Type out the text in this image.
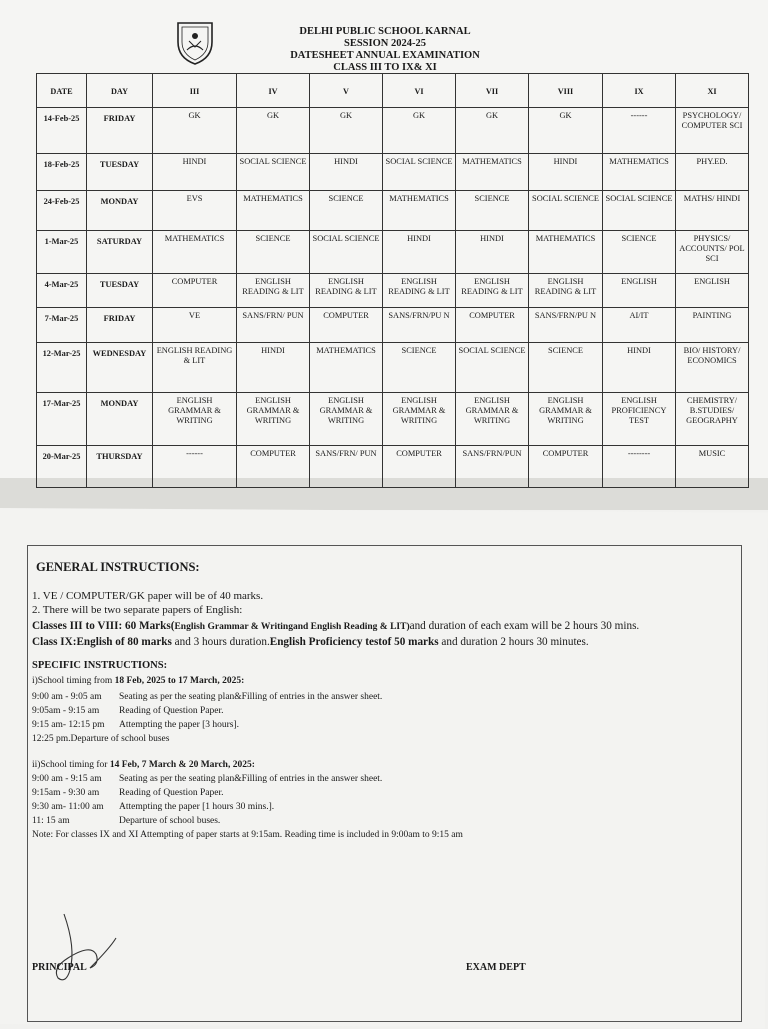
DELHI PUBLIC SCHOOL KARNAL
SESSION 2024-25
DATESHEET ANNUAL EXAMINATION
CLASS III TO IX& XI
DATE	DAY	III	IV	V	VI	VII	VIII	IX	XI
14-Feb-25	FRIDAY	GK	GK	GK	GK	GK	GK	------	PSYCHOLOGY/ COMPUTER SCI
18-Feb-25	TUESDAY	HINDI	SOCIAL SCIENCE	HINDI	SOCIAL SCIENCE	MATHEMATICS	HINDI	MATHEMATICS	PHY.ED.
24-Feb-25	MONDAY	EVS	MATHEMATICS	SCIENCE	MATHEMATICS	SCIENCE	SOCIAL SCIENCE	SOCIAL SCIENCE	MATHS/ HINDI
1-Mar-25	SATURDAY	MATHEMATICS	SCIENCE	SOCIAL SCIENCE	HINDI	HINDI	MATHEMATICS	SCIENCE	PHYSICS/ ACCOUNTS/ POL SCI
4-Mar-25	TUESDAY	COMPUTER	ENGLISH READING & LIT	ENGLISH READING & LIT	ENGLISH READING & LIT	ENGLISH READING & LIT	ENGLISH READING & LIT	ENGLISH	ENGLISH
7-Mar-25	FRIDAY	VE	SANS/FRN/ PUN	COMPUTER	SANS/FRN/PU N	COMPUTER	SANS/FRN/PU N	AI/IT	PAINTING
12-Mar-25	WEDNESDAY	ENGLISH READING & LIT	HINDI	MATHEMATICS	SCIENCE	SOCIAL SCIENCE	SCIENCE	HINDI	BIO/ HISTORY/ ECONOMICS
17-Mar-25	MONDAY	ENGLISH GRAMMAR & WRITING	ENGLISH GRAMMAR & WRITING	ENGLISH GRAMMAR & WRITING	ENGLISH GRAMMAR & WRITING	ENGLISH GRAMMAR & WRITING	ENGLISH GRAMMAR & WRITING	ENGLISH PROFICIENCY TEST	CHEMISTRY/ B.STUDIES/ GEOGRAPHY
20-Mar-25	THURSDAY	------	COMPUTER	SANS/FRN/ PUN	COMPUTER	SANS/FRN/PUN	COMPUTER	--------	MUSIC
GENERAL INSTRUCTIONS:
1. VE / COMPUTER/GK paper will be of 40 marks.
2. There will be two separate papers of English:
Classes III to VIII: 60 Marks(English Grammar & Writingand English Reading & LIT)and duration of each exam will be 2 hours 30 mins.
Class IX:English of 80 marks and 3 hours duration.English Proficiency testof 50 marks and duration 2 hours 30 minutes.
SPECIFIC INSTRUCTIONS:
i)School timing from 18 Feb, 2025 to 17 March, 2025:
9:00 am - 9:05 am Seating as per the seating plan&Filling of entries in the answer sheet.
9:05am - 9:15 am Reading of Question Paper.
9:15 am- 12:15 pm Attempting the paper [3 hours].
12:25 pm.Departure of school buses
ii)School timing for 14 Feb, 7 March & 20 March, 2025:
9:00 am - 9:15 am Seating as per the seating plan&Filling of entries in the answer sheet.
9:15am - 9:30 am Reading of Question Paper.
9:30 am- 11:00 am Attempting the paper [1 hours 30 mins.].
11: 15 am	Departure of school buses.
Note: For classes IX and XI Attempting of paper starts at 9:15am. Reading time is included in 9:00am to 9:15 am
PRINCIPAL	EXAM DEPT
